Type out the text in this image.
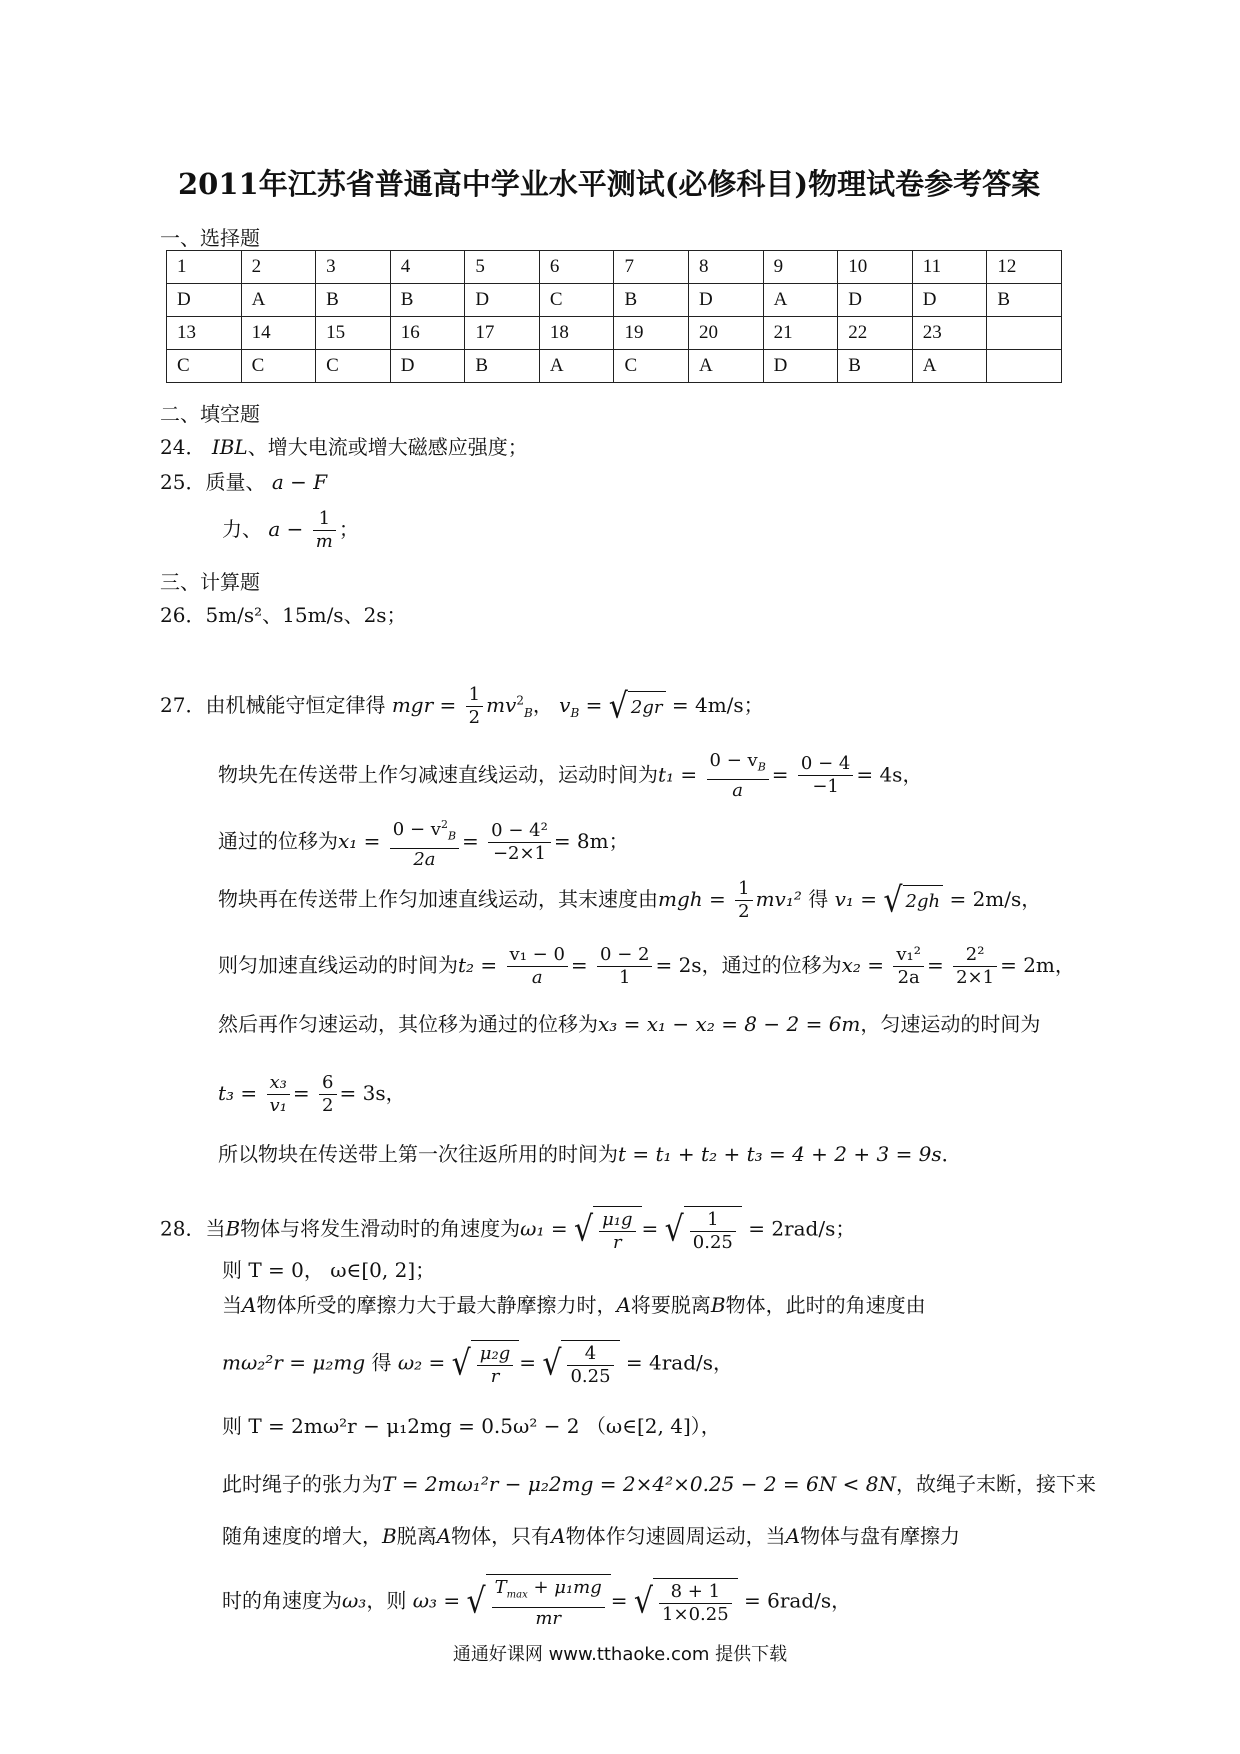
2011年江苏省普通高中学业水平测试(必修科目)物理试卷参考答案
一、选择题
1	2	3	4	5	6	7	8	9	10	11	12
D	A	B	B	D	C	B	D	A	D	D	B
13	14	15	16	17	18	19	20	21	22	23	
C	C	C	D	B	A	C	A	D	B	A	
二、填空题
24． IBL、增大电流或增大磁感应强度；
25．质量、 a − F
力、 $a - \frac{1}{m}$ ；
三、计算题
26．5m/s²、15m/s、2s；
27．由机械能守恒定律得 mgr = $\frac{1}{2} mv^2_B$， $v_B$ = √ 2gr = 4m/s；
物块先在传送带上作匀减速直线运动，运动时间为$t_1 = \frac{0 - v_B}{a} = \frac{0 - 4}{-1} = 4s$，
通过的位移为$x_1 = \frac{0 - v^2_B}{2a} = \frac{\text{0 − 4²}}{-2\times 1} = 8m$；
物块再在传送带上作匀加速直线运动，其末速度由mgh = $\frac{1}{2} mv_1^2$ 得 v₁ = √ 2gh = 2m/s，
则匀加速直线运动的时间为$t_2 = \frac{\text{v₁ − 0}}{a} = \frac{0 - 2}{1} = 2s$，通过的位移为$x_2 = \frac{\text{v₁²}}{2a} = \frac{\text{2²}}{2\times 1} = 2m$，
然后再作匀速运动，其位移为通过的位移为x₃ = x₁ − x₂ = 8 − 2 = 6m，匀速运动的时间为
$t_3 = \frac{\text{x₃}}{\text{v₁}} = \frac{6}{2} = 3s$，
所以物块在传送带上第一次往返所用的时间为t = t₁ + t₂ + t₃ = 4 + 2 + 3 = 9s．
28．当B物体与将发生滑动时的角速度为ω₁ = √ $\frac{\text{μ₁g}}{r}$ = √ $\frac{1}{0.25} = 2rad/s$；
则 T = 0， ω∈[0, 2]；
当A物体所受的摩擦力大于最大静摩擦力时，A将要脱离B物体，此时的角速度由
mω₂²r = μ₂mg 得 ω₂ = √ $\frac{\text{μ₂g}}{r}$ = √ $\frac{4}{0.25} = 4rad/s$，
则 T = 2mω²r − μ₁2mg = 0.5ω² − 2 （ω∈[2, 4]），
此时绳子的张力为T = 2mω₁²r − μ₂2mg = 2×4²×0.25 − 2 = 6N < 8N，故绳子末断，接下来
随角速度的增大，B脱离A物体，只有A物体作匀速圆周运动，当A物体与盘有摩擦力
时的角速度为ω₃，则 ω₃ = √ $\frac{T_{max} + \mu_1mg}{mr}$ = √ $\frac{8 + 1}{1\times 0.25} = 6rad/s$，
通通好课网 www.tthaoke.com 提供下载
